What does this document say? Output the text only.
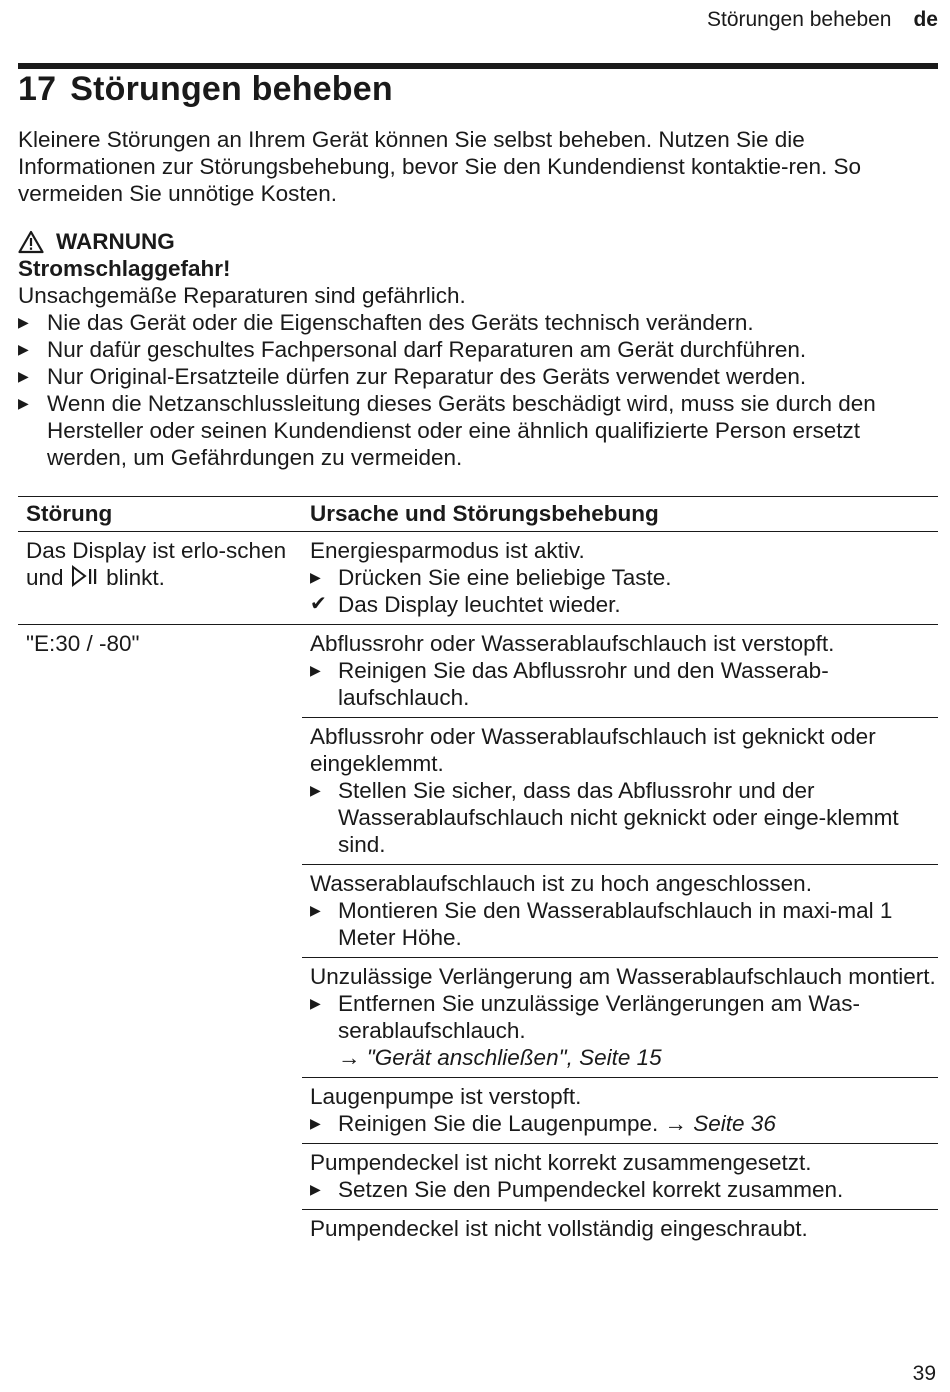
Störungen beheben de
17 Störungen beheben

Kleinere Störungen an Ihrem Gerät können Sie selbst beheben. Nutzen Sie die Informationen zur Störungsbehebung, bevor Sie den Kundendienst kontaktie-ren. So vermeiden Sie unnötige Kosten.

WARNUNG
Stromschlaggefahr!
Unsachgemäße Reparaturen sind gefährlich.
▶ Nie das Gerät oder die Eigenschaften des Geräts technisch verändern.
▶ Nur dafür geschultes Fachpersonal darf Reparaturen am Gerät durchführen.
▶ Nur Original-Ersatzteile dürfen zur Reparatur des Geräts verwendet werden.
▶ Wenn die Netzanschlussleitung dieses Geräts beschädigt wird, muss sie durch den Hersteller oder seinen Kundendienst oder eine ähnlich qualifizierte Person ersetzt werden, um Gefährdungen zu vermeiden.
Störung	Ursache und Störungsbehebung
Das Display ist erlo-schen und blinkt.
Energiesparmodus ist aktiv.
▶ Drücken Sie eine beliebige Taste.
✔ Das Display leuchtet wieder.
"E:30 / -80"	Abflussrohr oder Wasserablaufschlauch ist verstopft.
▶ Reinigen Sie das Abflussrohr und den Wasserab-laufschlauch.
Abflussrohr oder Wasserablaufschlauch ist geknickt oder eingeklemmt.
▶ Stellen Sie sicher, dass das Abflussrohr und der Wasserablaufschlauch nicht geknickt oder einge-klemmt sind.
Wasserablaufschlauch ist zu hoch angeschlossen.
▶ Montieren Sie den Wasserablaufschlauch in maxi-mal 1 Meter Höhe.
Unzulässige Verlängerung am Wasserablaufschlauch montiert.
▶ Entfernen Sie unzulässige Verlängerungen am Was-serablaufschlauch.
→ "Gerät anschließen", Seite 15
Laugenpumpe ist verstopft.
▶ Reinigen Sie die Laugenpumpe. → Seite 36
Pumpendeckel ist nicht korrekt zusammengesetzt.
▶ Setzen Sie den Pumpendeckel korrekt zusammen.
Pumpendeckel ist nicht vollständig eingeschraubt.
39
